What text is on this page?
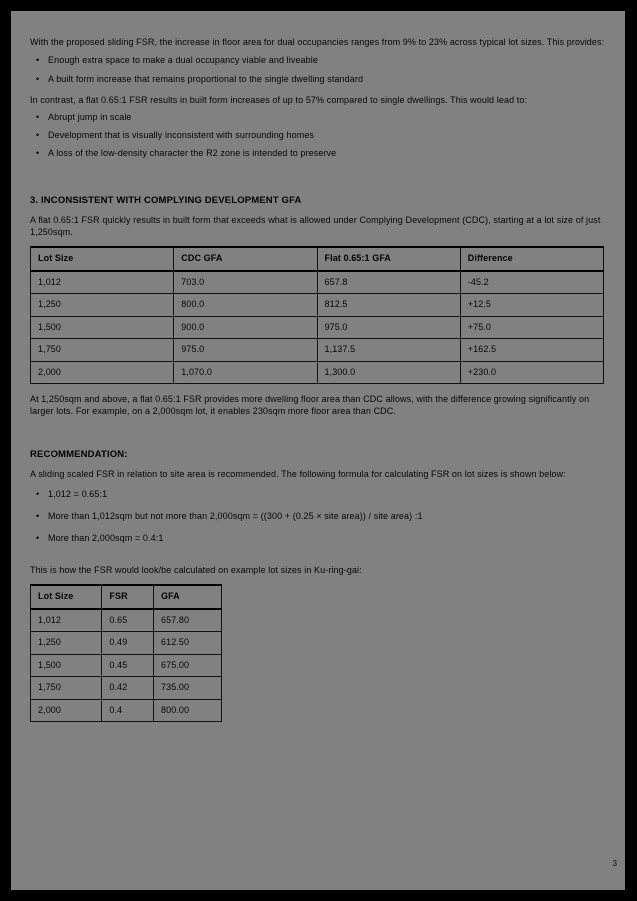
With the proposed sliding FSR, the increase in floor area for dual occupancies ranges from 9% to 23% across typical lot sizes. This provides:

• Enough extra space to make a dual occupancy viable and liveable
• A built form increase that remains proportional to the single dwelling standard

In contrast, a flat 0.65:1 FSR results in built form increases of up to 57% compared to single dwellings. This would lead to:

• Abrupt jump in scale
• Development that is visually inconsistent with surrounding homes
• A loss of the low-density character the R2 zone is intended to preserve
3. INCONSISTENT WITH COMPLYING DEVELOPMENT GFA

A flat 0.65:1 FSR quickly results in built form that exceeds what is allowed under Complying Development (CDC), starting at a lot size of just 1,250sqm.

Lot Size	CDC GFA	Flat 0.65:1 GFA	Difference
1,012	703.0	657.8	-45.2
1,250	800.0	812.5	+12.5
1,500	900.0	975.0	+75.0
1,750	975.0	1,137.5	+162.5
2,000	1,070.0	1,300.0	+230.0

At 1,250sqm and above, a flat 0.65:1 FSR provides more dwelling floor area than CDC allows, with the difference growing significantly on larger lots. For example, on a 2,000sqm lot, it enables 230sqm more floor area than CDC.

RECOMMENDATION:

A sliding scaled FSR in relation to site area is recommended. The following formula for calculating FSR on lot sizes is shown below:

• 1,012 = 0.65:1
• More than 1,012sqm but not more than 2,000sqm = ((300 + (0.25 × site area)) / site area) :1
• More than 2,000sqm = 0.4:1

This is how the FSR would look/be calculated on example lot sizes in Ku-ring-gai:

Lot Size	FSR	GFA
1,012	0.65	657.80
1,250	0.49	612.50
1,500	0.45	675.00
1,750	0.42	735.00
2,000	0.4	800.00
3
